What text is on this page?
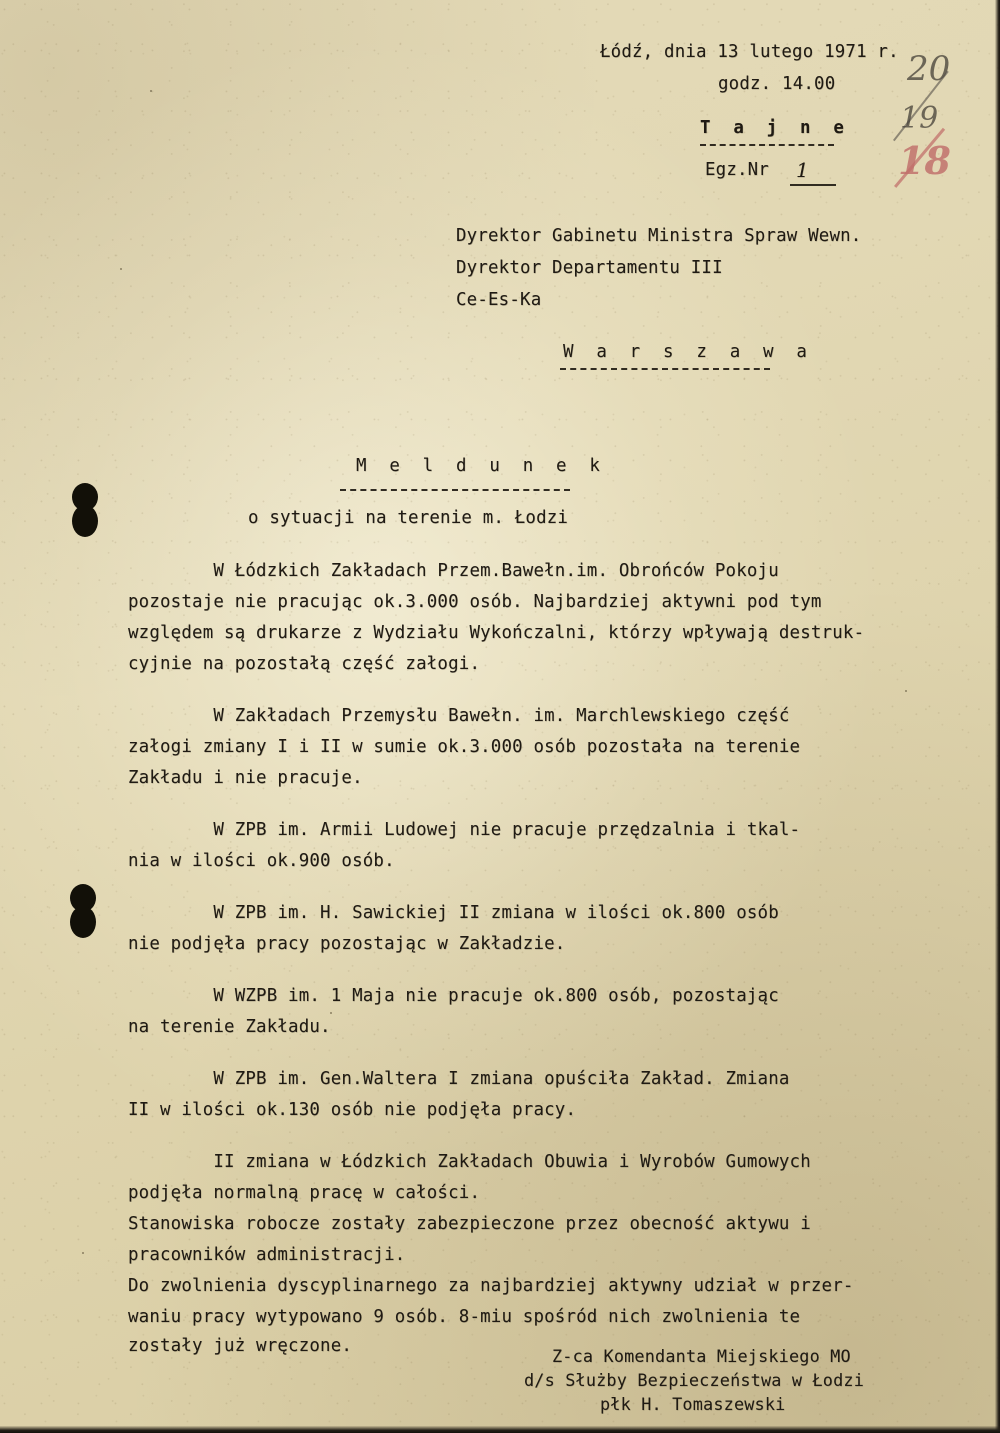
Łódź, dnia 13 lutego 1971 r.
godz. 14.00
T a j n e
Egz.Nr 1
20
19
18
Dyrektor Gabinetu Ministra Spraw Wewn.
Dyrektor Departamentu III
Ce-Es-Ka
W a r s z a w a
M e l d u n e k
o sytuacji na terenie m. Łodzi
W Łódzkich Zakładach Przem.Bawełn.im. Obrońców Pokoju
pozostaje nie pracując ok.3.000 osób. Najbardziej aktywni pod tym
względem są drukarze z Wydziału Wykończalni, którzy wpływają destruk-
cyjnie na pozostałą część załogi.
W Zakładach Przemysłu Bawełn. im. Marchlewskiego część
załogi zmiany I i II w sumie ok.3.000 osób pozostała na terenie
Zakładu i nie pracuje.
W ZPB im. Armii Ludowej nie pracuje przędzalnia i tkal-
nia w ilości ok.900 osób.
W ZPB im. H. Sawickiej II zmiana w ilości ok.800 osób
nie podjęła pracy pozostając w Zakładzie.
W WZPB im. 1 Maja nie pracuje ok.800 osób, pozostając
na terenie Zakładu.
W ZPB im. Gen.Waltera I zmiana opuściła Zakład. Zmiana
II w ilości ok.130 osób nie podjęła pracy.
II zmiana w Łódzkich Zakładach Obuwia i Wyrobów Gumowych
podjęła normalną pracę w całości.
Stanowiska robocze zostały zabezpieczone przez obecność aktywu i
pracowników administracji.
Do zwolnienia dyscyplinarnego za najbardziej aktywny udział w przer-
waniu pracy wytypowano 9 osób. 8-miu spośród nich zwolnienia te
zostały już wręczone.	Z-ca Komendanta Miejskiego MO
d/s Służby Bezpieczeństwa w Łodzi
płk H. Tomaszewski
